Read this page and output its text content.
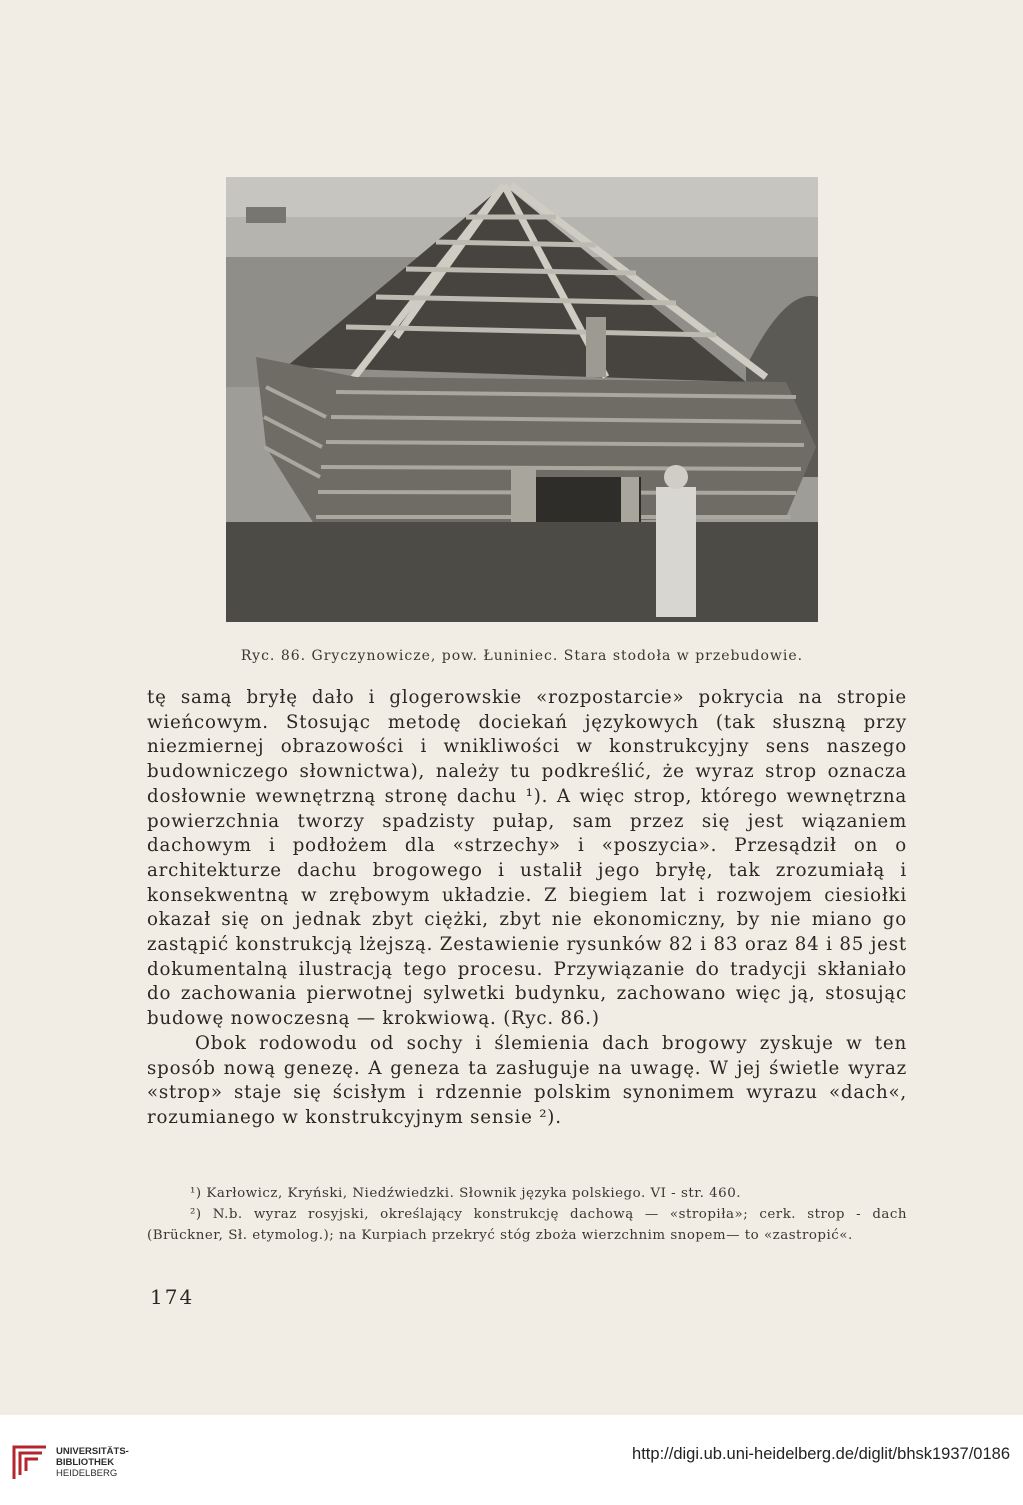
Ryc. 86. Gryczynowicze, pow. Łuniniec. Stara stodoła w przebudowie.

tę samą bryłę dało i glogerowskie «rozpostarcie» pokrycia na stropie wieńcowym. Stosując metodę dociekań językowych (tak słuszną przy niezmiernej obrazowości i wnikliwości w konstrukcyjny sens naszego budowniczego słownictwa), należy tu podkreślić, że wyraz strop oznacza dosłownie wewnętrzną stronę dachu ¹). A więc strop, którego wewnętrzna powierzchnia tworzy spadzisty pułap, sam przez się jest wiązaniem dachowym i podłożem dla «strzechy» i «poszycia». Przesądził on o architekturze dachu brogowego i ustalił jego bryłę, tak zrozumiałą i konsekwentną w zrębowym układzie. Z biegiem lat i rozwojem ciesiołki okazał się on jednak zbyt ciężki, zbyt nie ekonomiczny, by nie miano go zastąpić konstrukcją lżejszą. Zestawienie rysunków 82 i 83 oraz 84 i 85 jest dokumentalną ilustracją tego procesu. Przywiązanie do tradycji skłaniało do zachowania pierwotnej sylwetki budynku, zachowano więc ją, stosując budowę nowoczesną — krokwiową. (Ryc. 86.)

Obok rodowodu od sochy i ślemienia dach brogowy zyskuje w ten sposób nową genezę. A geneza ta zasługuje na uwagę. W jej świetle wyraz «strop» staje się ścisłym i rdzennie polskim synonimem wyrazu «dach«, rozumianego w konstrukcyjnym sensie ²).

¹) Karłowicz, Kryński, Niedźwiedzki. Słownik języka polskiego. VI - str. 460.

²) N.b. wyraz rosyjski, określający konstrukcję dachową — «stropiła»; cerk. strop - dach (Brückner, Sł. etymolog.); na Kurpiach przekryć stóg zboża wierzchnim snopem— to «zastropić«.

174
UNIVERSITÄTS-
BIBLIOTHEK
HEIDELBERG
http://digi.ub.uni-heidelberg.de/diglit/bhsk1937/0186
